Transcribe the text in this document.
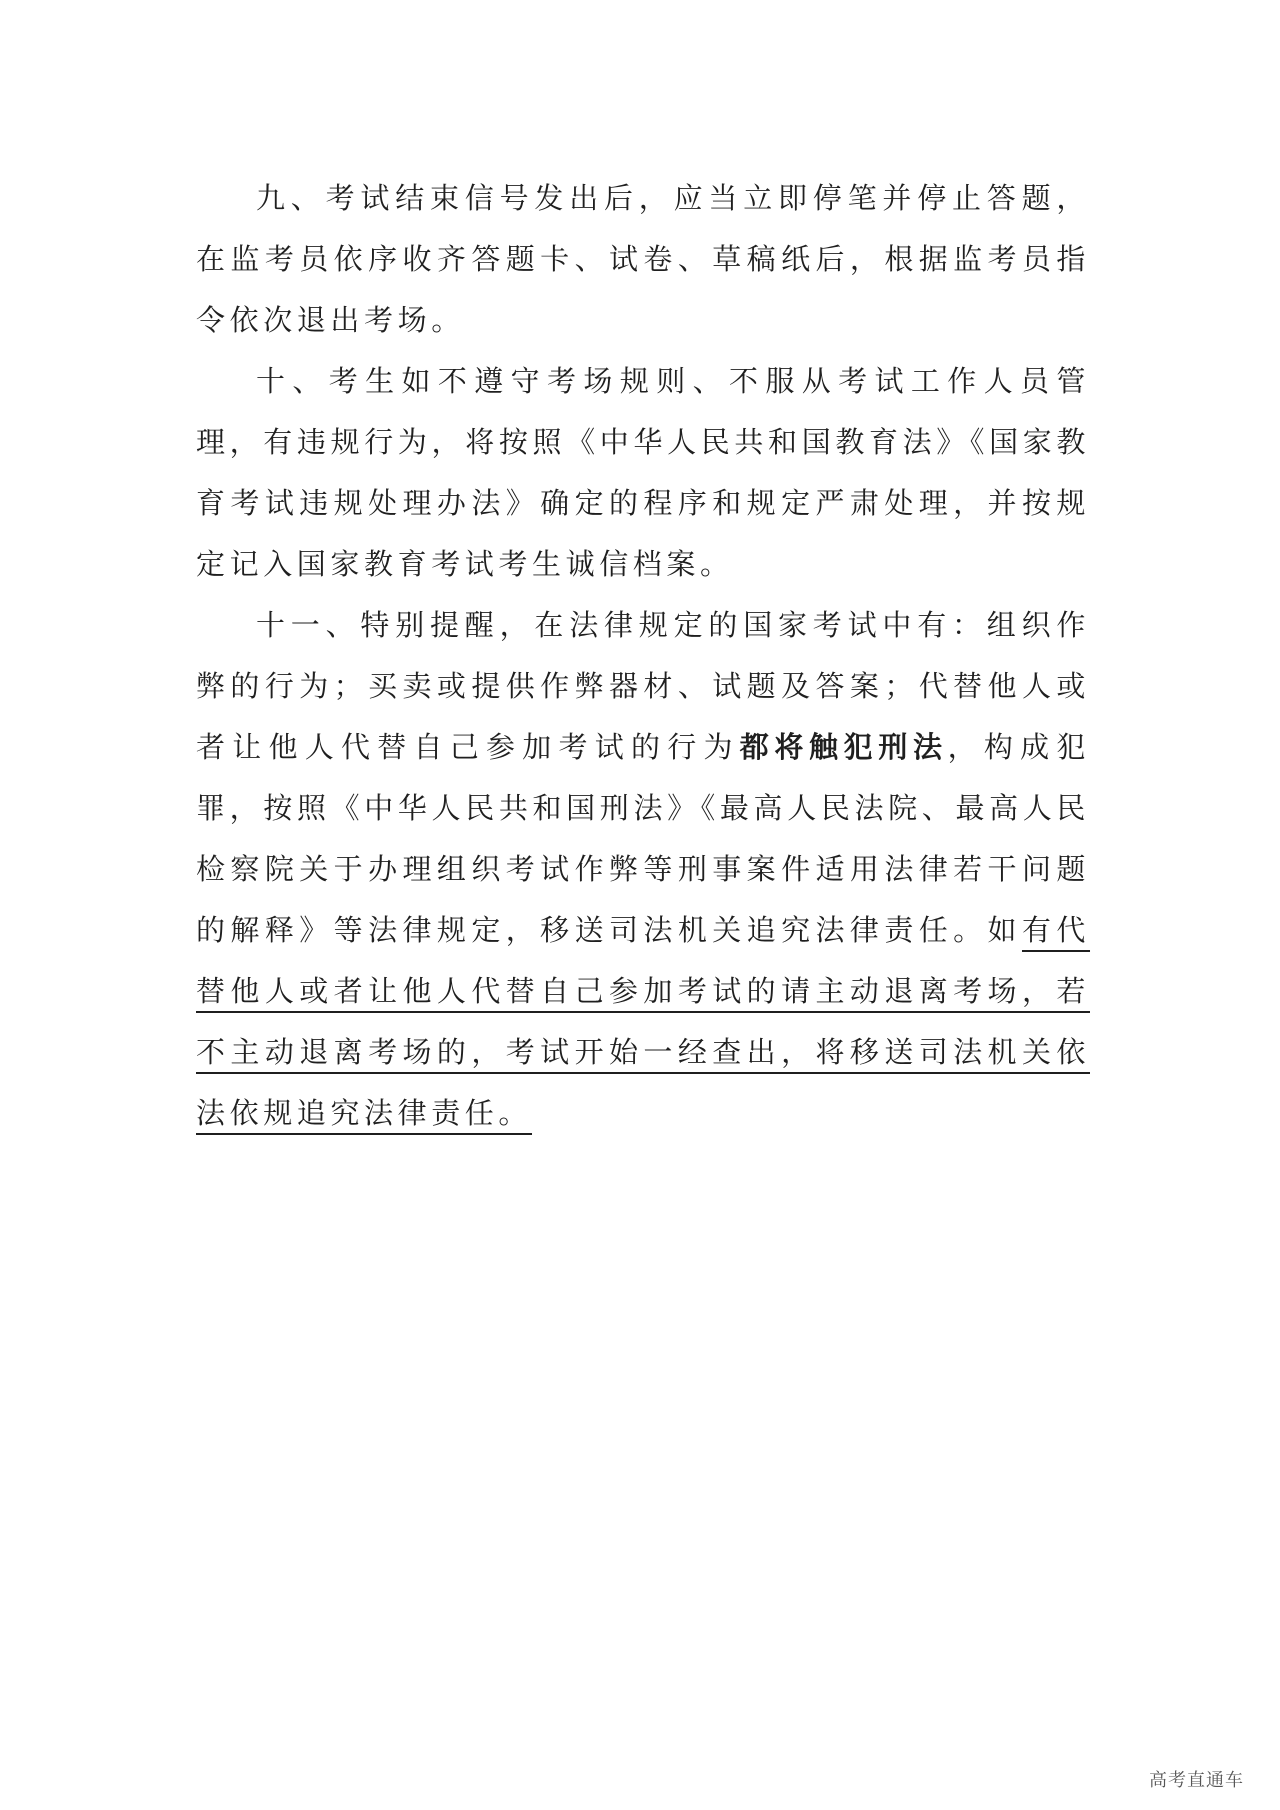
九、考试结束信号发出后，应当立即停笔并停止答题，在监考员依序收齐答题卡、试卷、草稿纸后，根据监考员指令依次退出考场。

十、考生如不遵守考场规则、不服从考试工作人员管理，有违规行为，将按照《中华人民共和国教育法》《国家教育考试违规处理办法》确定的程序和规定严肃处理，并按规定记入国家教育考试考生诚信档案。

十一、特别提醒，在法律规定的国家考试中有：组织作弊的行为；买卖或提供作弊器材、试题及答案；代替他人或者让他人代替自己参加考试的行为都将触犯刑法，构成犯罪，按照《中华人民共和国刑法》《最高人民法院、最高人民检察院关于办理组织考试作弊等刑事案件适用法律若干问题的解释》等法律规定，移送司法机关追究法律责任。如有代替他人或者让他人代替自己参加考试的请主动退离考场，若不主动退离考场的，考试开始一经查出，将移送司法机关依法依规追究法律责任。

高考直通车
